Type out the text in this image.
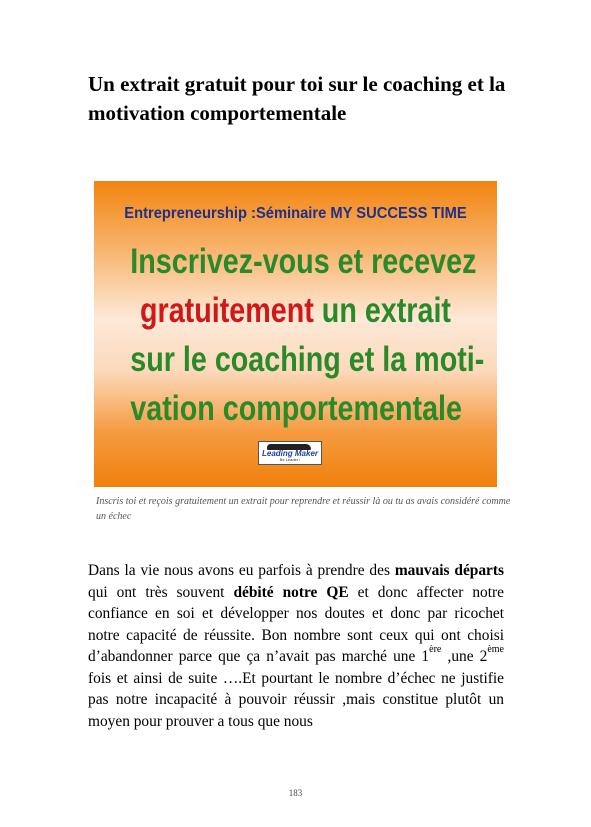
Un extrait gratuit pour toi sur le coaching et la motivation comportementale
Entrepreneurship :Séminaire MY SUCCESS TIME
Inscrivez-vous et recevez
gratuitement un extrait
sur le coaching et la moti-
vation comportementale
Leading Maker
Be Leader !
Inscris toi et reçois gratuitement un extrait pour reprendre et réussir là ou tu as avais considéré comme un échec

Dans la vie nous avons eu parfois à prendre des mauvais départs qui ont très souvent débité notre QE et donc affecter notre confiance en soi et développer nos doutes et donc par ricochet notre capacité de réussite. Bon nombre sont ceux qui ont choisi d’abandonner parce que ça n’avait pas marché une 1ère ,une 2ème fois et ainsi de suite ….Et pourtant le nombre d’échec ne justifie pas notre incapacité à pouvoir réussir ,mais constitue plutôt un moyen pour prouver a tous que nous

183
